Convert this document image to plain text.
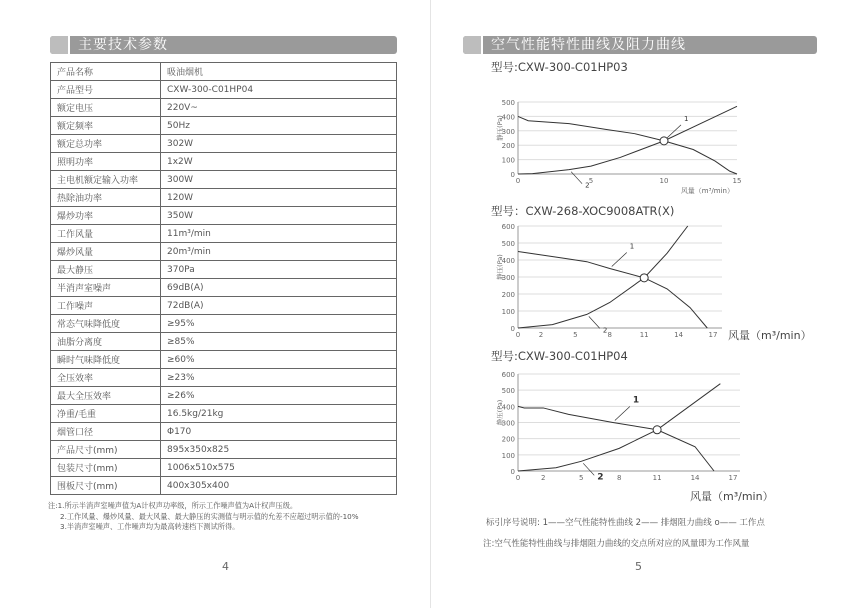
主要技术参数
产品名称	吸油烟机
产品型号	CXW-300-C01HP04
额定电压	220V~
额定频率	50Hz
额定总功率	302W
照明功率	1x2W
主电机额定输入功率	300W
热除油功率	120W
爆炒功率	350W
工作风量	11m³/min
爆炒风量	20m³/min
最大静压	370Pa
半消声室噪声	69dB(A)
工作噪声	72dB(A)
常态气味降低度	≥95%
油脂分离度	≥85%
瞬时气味降低度	≥60%
全压效率	≥23%
最大全压效率	≥26%
净重/毛重	16.5kg/21kg
烟管口径	Φ170
产品尺寸(mm)	895x350x825
包装尺寸(mm)	1006x510x575
围板尺寸(mm)	400x305x400
注:1.所示半消声室噪声值为A计权声功率级，所示工作噪声值为A计权声压级。
2.工作风量、爆炒风量、最大风量、最大静压的实测值与明示值的允差不应超过明示值的-10%
3.半消声室噪声、工作噪声均为最高转速档下测试所得。
4
空气性能特性曲线及阻力曲线
5
型号:CXW-300-C01HP03
型号：CXW-268-XOC9008ATR(X)
型号:CXW-300-C01HP04
风量（m³/min）
标引序号说明: 1——空气性能特性曲线 2—— 排烟阻力曲线 o—— 工作点
注:空气性能特性曲线与排烟阻力曲线的交点所对应的风量即为工作风量
0
100
200
300
400
500
0	5	10	15
静压(Pa)
风量（m³/min）
1
2
0
100
200
300
400
500
600
0	2	5	8	11	14	17
静压(Pa)
风量（m³/min）
1
2
0
100
200
300
400
500
600
0	2	5	8	11	14	17
静压(Pa)	1
2
